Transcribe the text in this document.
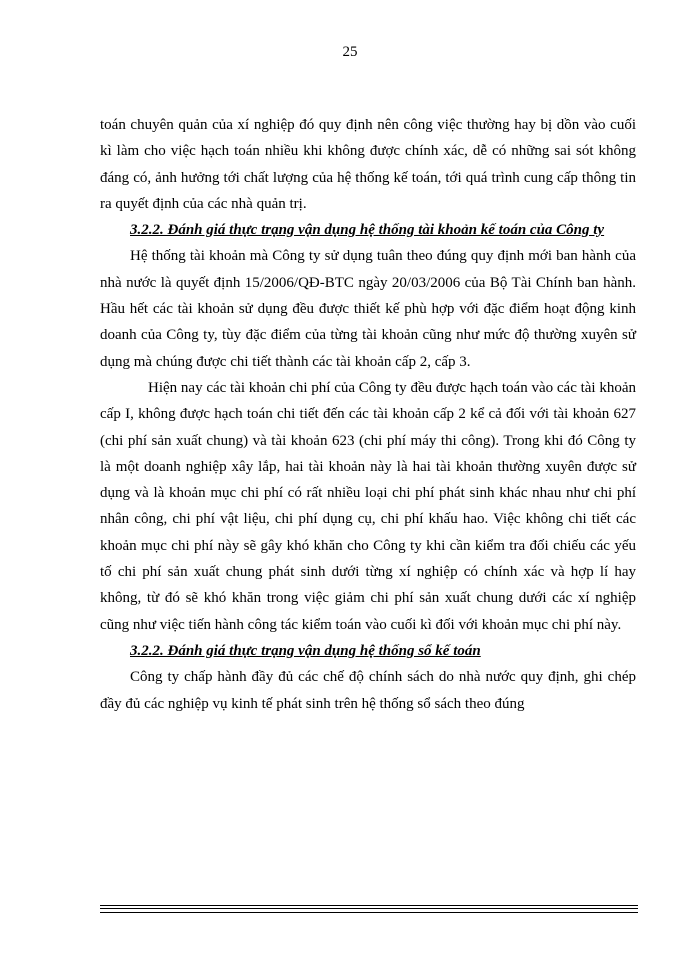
25

toán chuyên quản của xí nghiệp đó quy định nên công việc thường hay bị dồn vào cuối kì làm cho việc hạch toán nhiều khi không được chính xác, dễ có những sai sót không đáng có, ảnh hưởng tới chất lượng của hệ thống kế toán, tới quá trình cung cấp thông tin ra quyết định của các nhà quản trị.

3.2.2. Đánh giá thực trạng vận dụng hệ thống tài khoản kế toán của Công ty

Hệ thống tài khoản mà Công ty sử dụng tuân theo đúng quy định mới ban hành của nhà nước là quyết định 15/2006/QĐ-BTC ngày 20/03/2006 của Bộ Tài Chính ban hành. Hầu hết các tài khoản sử dụng đều được thiết kế phù hợp với đặc điểm hoạt động kinh doanh của Công ty, tùy đặc điểm của từng tài khoản cũng như mức độ thường xuyên sử dụng mà chúng được chi tiết thành các tài khoản cấp 2, cấp 3.

Hiện nay các tài khoản chi phí của Công ty đều được hạch toán vào các tài khoản cấp I, không được hạch toán chi tiết đến các tài khoản cấp 2 kể cả đối với tài khoản 627 (chi phí sản xuất chung) và tài khoản 623 (chi phí máy thi công). Trong khi đó Công ty là một doanh nghiệp xây lắp, hai tài khoản này là hai tài khoản thường xuyên được sử dụng và là khoản mục chi phí có rất nhiều loại chi phí phát sinh khác nhau như chi phí nhân công, chi phí vật liệu, chi phí dụng cụ, chi phí khấu hao. Việc không chi tiết các khoản mục chi phí này sẽ gây khó khăn cho Công ty khi cần kiểm tra đối chiếu các yếu tố chi phí sản xuất chung phát sinh dưới từng xí nghiệp có chính xác và hợp lí hay không, từ đó sẽ khó khăn trong việc giảm chi phí sản xuất chung dưới các xí nghiệp cũng như việc tiến hành công tác kiểm toán vào cuối kì đối với khoản mục chi phí này.

3.2.2. Đánh giá thực trạng vận dụng hệ thống sổ kế toán

Công ty chấp hành đầy đủ các chế độ chính sách do nhà nước quy định, ghi chép đầy đủ các nghiệp vụ kinh tế phát sinh trên hệ thống sổ sách theo đúng
